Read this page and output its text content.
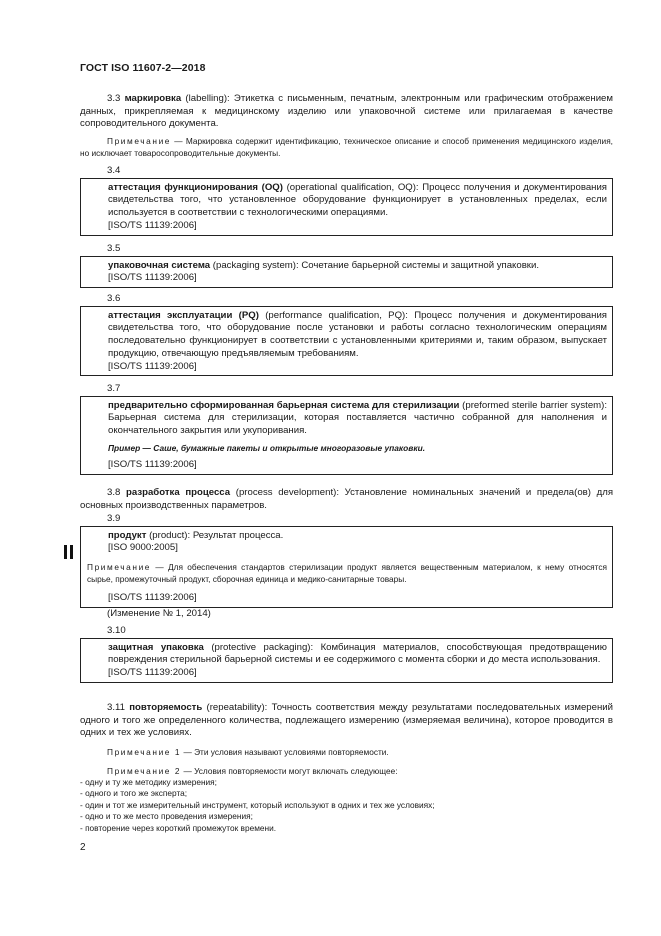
ГОСТ ISO 11607-2—2018

3.3 маркировка (labelling): Этикетка с письменным, печатным, электронным или графическим отображением данных, прикрепляемая к медицинскому изделию или упаковочной системе или прилагаемая в качестве сопроводительного документа.

Примечание — Маркировка содержит идентификацию, техническое описание и способ применения медицинского изделия, но исключает товаросопроводительные документы.

3.4

аттестация функционирования (OQ) (operational qualification, OQ): Процесс получения и документирования свидетельства того, что установленное оборудование функционирует в установленных пределах, если используется в соответствии с технологическими операциями.

[ISO/TS 11139:2006]

3.5

упаковочная система (packaging system): Сочетание барьерной системы и защитной упаковки.

[ISO/TS 11139:2006]

3.6

аттестация эксплуатации (PQ) (performance qualification, PQ): Процесс получения и документирования свидетельства того, что оборудование после установки и работы согласно технологическим операциям последовательно функционирует в соответствии с установленными критериями и, таким образом, выпускает продукцию, отвечающую предъявляемым требованиям.

[ISO/TS 11139:2006]

3.7

предварительно сформированная барьерная система для стерилизации (preformed sterile barrier system): Барьерная система для стерилизации, которая поставляется частично собранной для наполнения и окончательного закрытия или укупоривания.

Пример — Саше, бумажные пакеты и открытые многоразовые упаковки.

[ISO/TS 11139:2006]

3.8 разработка процесса (process development): Установление номинальных значений и предела(ов) для основных производственных параметров.

3.9

продукт (product): Результат процесса.

[ISO 9000:2005]

Примечание — Для обеспечения стандартов стерилизации продукт является вещественным материалом, к нему относятся сырье, промежуточный продукт, сборочная единица и медико-санитарные товары.

[ISO/TS 11139:2006]

(Изменение № 1, 2014)

3.10

защитная упаковка (protective packaging): Комбинация материалов, способствующая предотвращению повреждения стерильной барьерной системы и ее содержимого с момента сборки и до места использования.

[ISO/TS 11139:2006]

3.11 повторяемость (repeatability): Точность соответствия между результатами последовательных измерений одного и того же определенного количества, подлежащего измерению (измеряемая величина), которое проводится в одних и тех же условиях.

Примечание 1 — Эти условия называют условиями повторяемости.

Примечание 2 — Условия повторяемости могут включать следующее:

- одну и ту же методику измерения;
- одного и того же эксперта;
- один и тот же измерительный инструмент, который используют в одних и тех же условиях;
- одно и то же место проведения измерения;
- повторение через короткий промежуток времени.
2
